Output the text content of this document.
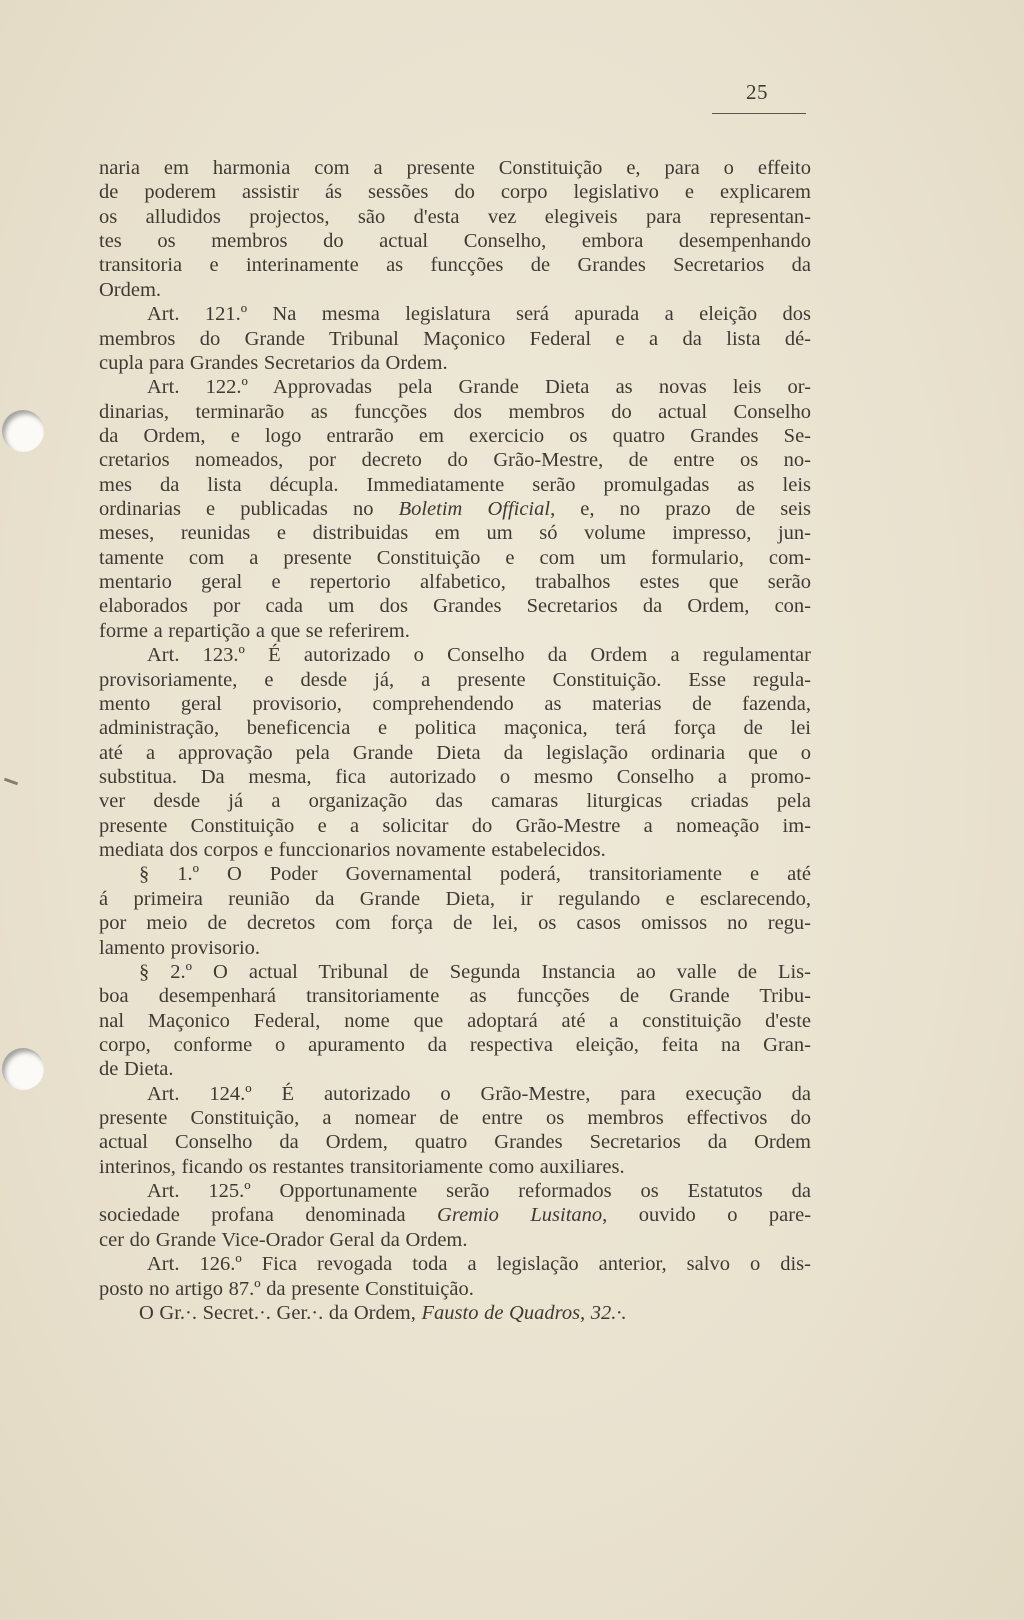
25
naria em harmonia com a presente Constituição e, para o effeito
de poderem assistir ás sessões do corpo legislativo e explicarem
os alludidos projectos, são d'esta vez elegiveis para representan-
tes os membros do actual Conselho, embora desempenhando
transitoria e interinamente as funcções de Grandes Secretarios da
Ordem.
Art. 121.º Na mesma legislatura será apurada a eleição dos
membros do Grande Tribunal Maçonico Federal e a da lista dé-
cupla para Grandes Secretarios da Ordem.
Art. 122.º Approvadas pela Grande Dieta as novas leis or-
dinarias, terminarão as funcções dos membros do actual Conselho
da Ordem, e logo entrarão em exercicio os quatro Grandes Se-
cretarios nomeados, por decreto do Grão-Mestre, de entre os no-
mes da lista décupla. Immediatamente serão promulgadas as leis
ordinarias e publicadas no Boletim Official, e, no prazo de seis
meses, reunidas e distribuidas em um só volume impresso, jun-
tamente com a presente Constituição e com um formulario, com-
mentario geral e repertorio alfabetico, trabalhos estes que serão
elaborados por cada um dos Grandes Secretarios da Ordem, con-
forme a repartição a que se referirem.
Art. 123.º É autorizado o Conselho da Ordem a regulamentar
provisoriamente, e desde já, a presente Constituição. Esse regula-
mento geral provisorio, comprehendendo as materias de fazenda,
administração, beneficencia e politica maçonica, terá força de lei
até a approvação pela Grande Dieta da legislação ordinaria que o
substitua. Da mesma, fica autorizado o mesmo Conselho a promo-
ver desde já a organização das camaras liturgicas criadas pela
presente Constituição e a solicitar do Grão-Mestre a nomeação im-
mediata dos corpos e funccionarios novamente estabelecidos.
§ 1.º O Poder Governamental poderá, transitoriamente e até
á primeira reunião da Grande Dieta, ir regulando e esclarecendo,
por meio de decretos com força de lei, os casos omissos no regu-
lamento provisorio.
§ 2.º O actual Tribunal de Segunda Instancia ao valle de Lis-
boa desempenhará transitoriamente as funcções de Grande Tribu-
nal Maçonico Federal, nome que adoptará até a constituição d'este
corpo, conforme o apuramento da respectiva eleição, feita na Gran-
de Dieta.
Art. 124.º É autorizado o Grão-Mestre, para execução da
presente Constituição, a nomear de entre os membros effectivos do
actual Conselho da Ordem, quatro Grandes Secretarios da Ordem
interinos, ficando os restantes transitoriamente como auxiliares.
Art. 125.º Opportunamente serão reformados os Estatutos da
sociedade profana denominada Gremio Lusitano, ouvido o pare-
cer do Grande Vice-Orador Geral da Ordem.
Art. 126.º Fica revogada toda a legislação anterior, salvo o dis-
posto no artigo 87.º da presente Constituição.
O Gr.·. Secret.·. Ger.·. da Ordem, Fausto de Quadros, 32.·.
